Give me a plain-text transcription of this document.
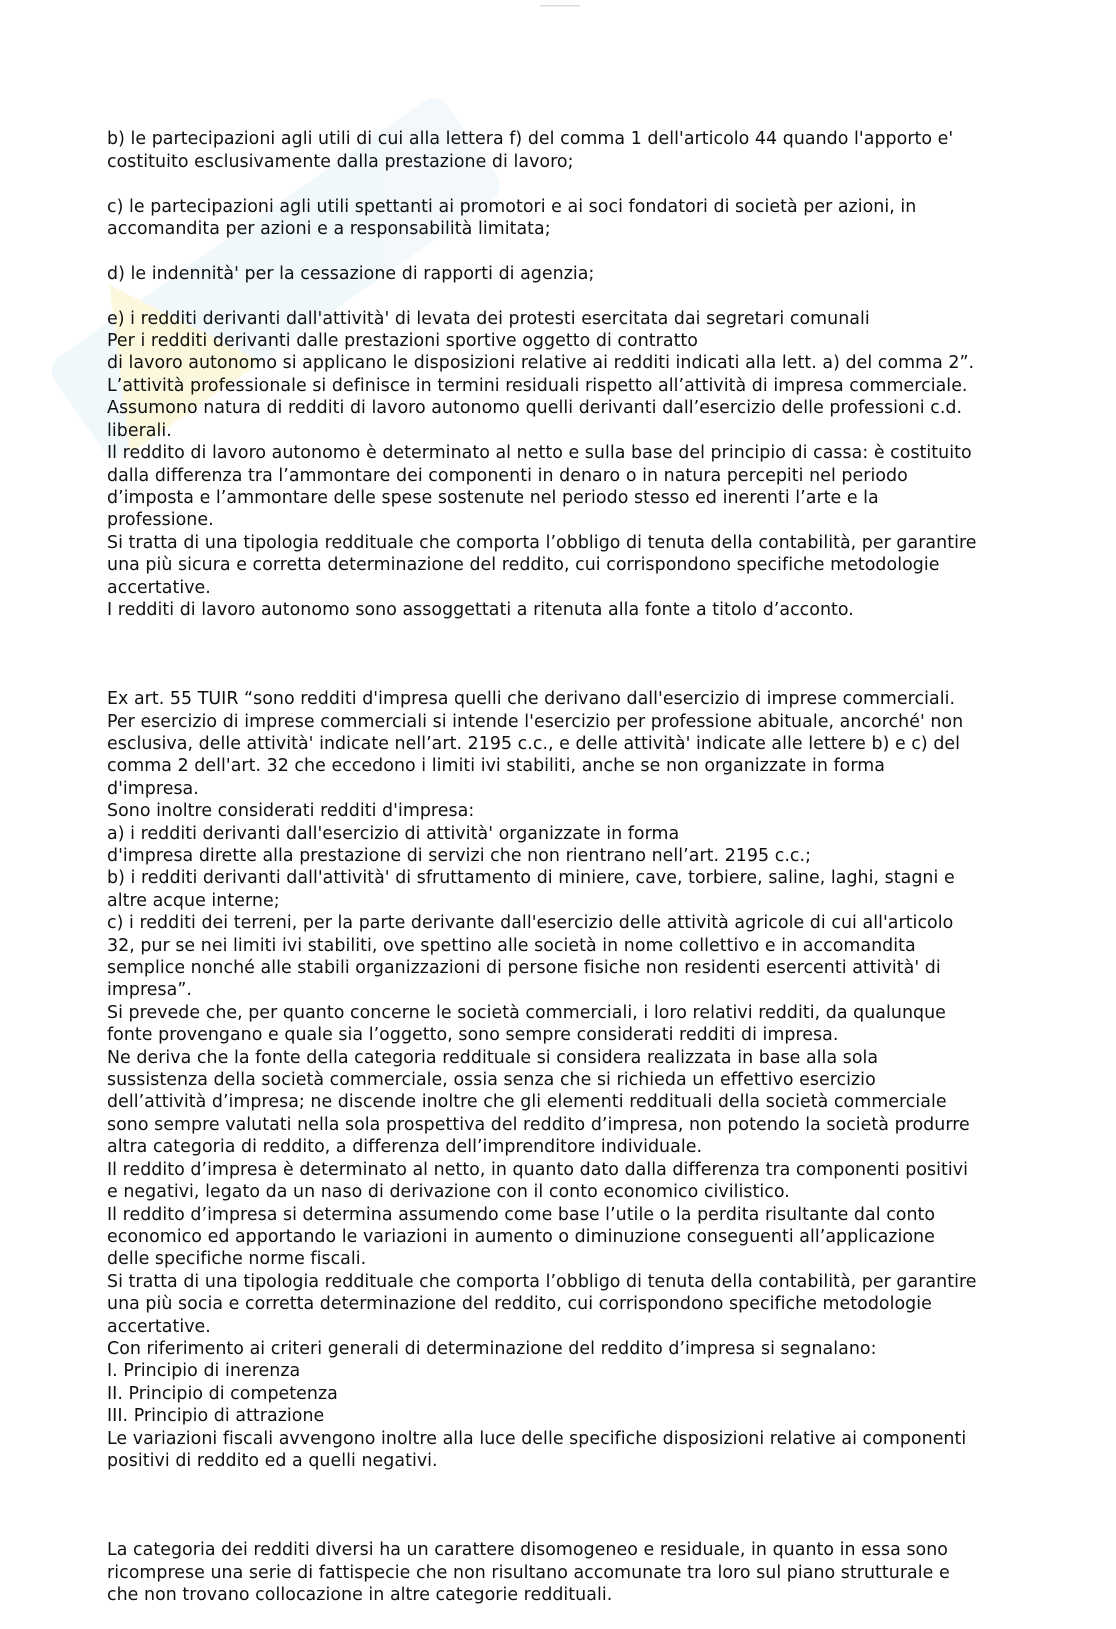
b) le partecipazioni agli utili di cui alla lettera f) del comma 1 dell'articolo 44 quando l'apporto e'
costituito esclusivamente dalla prestazione di lavoro;

c) le partecipazioni agli utili spettanti ai promotori e ai soci fondatori di società per azioni, in
accomandita per azioni e a responsabilità limitata;

d) le indennità' per la cessazione di rapporti di agenzia;

e) i redditi derivanti dall'attività' di levata dei protesti esercitata dai segretari comunali
Per i redditi derivanti dalle prestazioni sportive oggetto di contratto
di lavoro autonomo si applicano le disposizioni relative ai redditi indicati alla lett. a) del comma 2”.
L’attività professionale si definisce in termini residuali rispetto all’attività di impresa commerciale.
Assumono natura di redditi di lavoro autonomo quelli derivanti dall’esercizio delle professioni c.d.
liberali.
Il reddito di lavoro autonomo è determinato al netto e sulla base del principio di cassa: è costituito
dalla differenza tra l’ammontare dei componenti in denaro o in natura percepiti nel periodo
d’imposta e l’ammontare delle spese sostenute nel periodo stesso ed inerenti l’arte e la
professione.
Si tratta di una tipologia reddituale che comporta l’obbligo di tenuta della contabilità, per garantire
una più sicura e corretta determinazione del reddito, cui corrispondono specifiche metodologie
accertative.
I redditi di lavoro autonomo sono assoggettati a ritenuta alla fonte a titolo d’acconto.

Ex art. 55 TUIR “sono redditi d'impresa quelli che derivano dall'esercizio di imprese commerciali.
Per esercizio di imprese commerciali si intende l'esercizio per professione abituale, ancorché' non
esclusiva, delle attività' indicate nell’art. 2195 c.c., e delle attività' indicate alle lettere b) e c) del
comma 2 dell'art. 32 che eccedono i limiti ivi stabiliti, anche se non organizzate in forma
d'impresa.
Sono inoltre considerati redditi d'impresa:
a) i redditi derivanti dall'esercizio di attività' organizzate in forma
d'impresa dirette alla prestazione di servizi che non rientrano nell’art. 2195 c.c.;
b) i redditi derivanti dall'attività' di sfruttamento di miniere, cave, torbiere, saline, laghi, stagni e
altre acque interne;
c) i redditi dei terreni, per la parte derivante dall'esercizio delle attività agricole di cui all'articolo
32, pur se nei limiti ivi stabiliti, ove spettino alle società in nome collettivo e in accomandita
semplice nonché alle stabili organizzazioni di persone fisiche non residenti esercenti attività' di
impresa”.
Si prevede che, per quanto concerne le società commerciali, i loro relativi redditi, da qualunque
fonte provengano e quale sia l’oggetto, sono sempre considerati redditi di impresa.
Ne deriva che la fonte della categoria reddituale si considera realizzata in base alla sola
sussistenza della società commerciale, ossia senza che si richieda un effettivo esercizio
dell’attività d’impresa; ne discende inoltre che gli elementi reddituali della società commerciale
sono sempre valutati nella sola prospettiva del reddito d’impresa, non potendo la società produrre
altra categoria di reddito, a differenza dell’imprenditore individuale.
Il reddito d’impresa è determinato al netto, in quanto dato dalla differenza tra componenti positivi
e negativi, legato da un naso di derivazione con il conto economico civilistico.
Il reddito d’impresa si determina assumendo come base l’utile o la perdita risultante dal conto
economico ed apportando le variazioni in aumento o diminuzione conseguenti all’applicazione
delle specifiche norme fiscali.
Si tratta di una tipologia reddituale che comporta l’obbligo di tenuta della contabilità, per garantire
una più socia e corretta determinazione del reddito, cui corrispondono specifiche metodologie
accertative.
Con riferimento ai criteri generali di determinazione del reddito d’impresa si segnalano:
I. Principio di inerenza
II. Principio di competenza
III. Principio di attrazione
Le variazioni fiscali avvengono inoltre alla luce delle specifiche disposizioni relative ai componenti
positivi di reddito ed a quelli negativi.

La categoria dei redditi diversi ha un carattere disomogeneo e residuale, in quanto in essa sono
ricomprese una serie di fattispecie che non risultano accomunate tra loro sul piano strutturale e
che non trovano collocazione in altre categorie reddituali.
